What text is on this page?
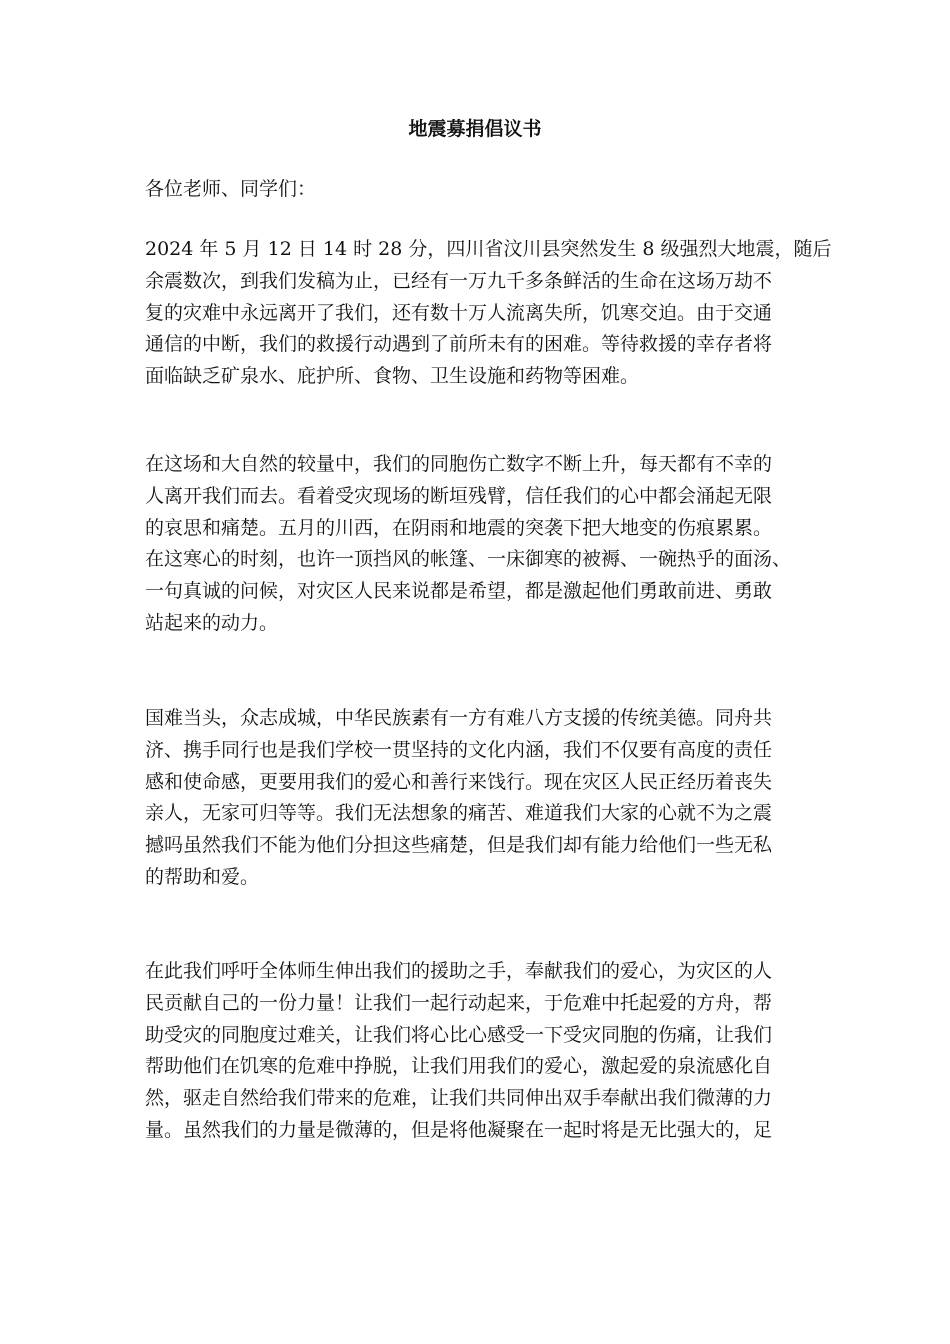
地震募捐倡议书
各位老师、同学们：
2024 年 5 月 12 日 14 时 28 分，四川省汶川县突然发生 8 级强烈大地震，随后
余震数次，到我们发稿为止，已经有一万九千多条鲜活的生命在这场万劫不
复的灾难中永远离开了我们，还有数十万人流离失所，饥寒交迫。由于交通
通信的中断，我们的救援行动遇到了前所未有的困难。等待救援的幸存者将
面临缺乏矿泉水、庇护所、食物、卫生设施和药物等困难。
在这场和大自然的较量中，我们的同胞伤亡数字不断上升，每天都有不幸的
人离开我们而去。看着受灾现场的断垣残臂，信任我们的心中都会涌起无限
的哀思和痛楚。五月的川西，在阴雨和地震的突袭下把大地变的伤痕累累。
在这寒心的时刻，也许一顶挡风的帐篷、一床御寒的被褥、一碗热乎的面汤、
一句真诚的问候，对灾区人民来说都是希望，都是激起他们勇敢前进、勇敢
站起来的动力。
国难当头，众志成城，中华民族素有一方有难八方支援的传统美德。同舟共
济、携手同行也是我们学校一贯坚持的文化内涵，我们不仅要有高度的责任
感和使命感，更要用我们的爱心和善行来饯行。现在灾区人民正经历着丧失
亲人，无家可归等等。我们无法想象的痛苦、难道我们大家的心就不为之震
撼吗虽然我们不能为他们分担这些痛楚，但是我们却有能力给他们一些无私
的帮助和爱。
在此我们呼吁全体师生伸出我们的援助之手，奉献我们的爱心，为灾区的人
民贡献自己的一份力量！让我们一起行动起来，于危难中托起爱的方舟，帮
助受灾的同胞度过难关，让我们将心比心感受一下受灾同胞的伤痛，让我们
帮助他们在饥寒的危难中挣脱，让我们用我们的爱心，激起爱的泉流感化自
然，驱走自然给我们带来的危难，让我们共同伸出双手奉献出我们微薄的力
量。虽然我们的力量是微薄的，但是将他凝聚在一起时将是无比强大的，足
